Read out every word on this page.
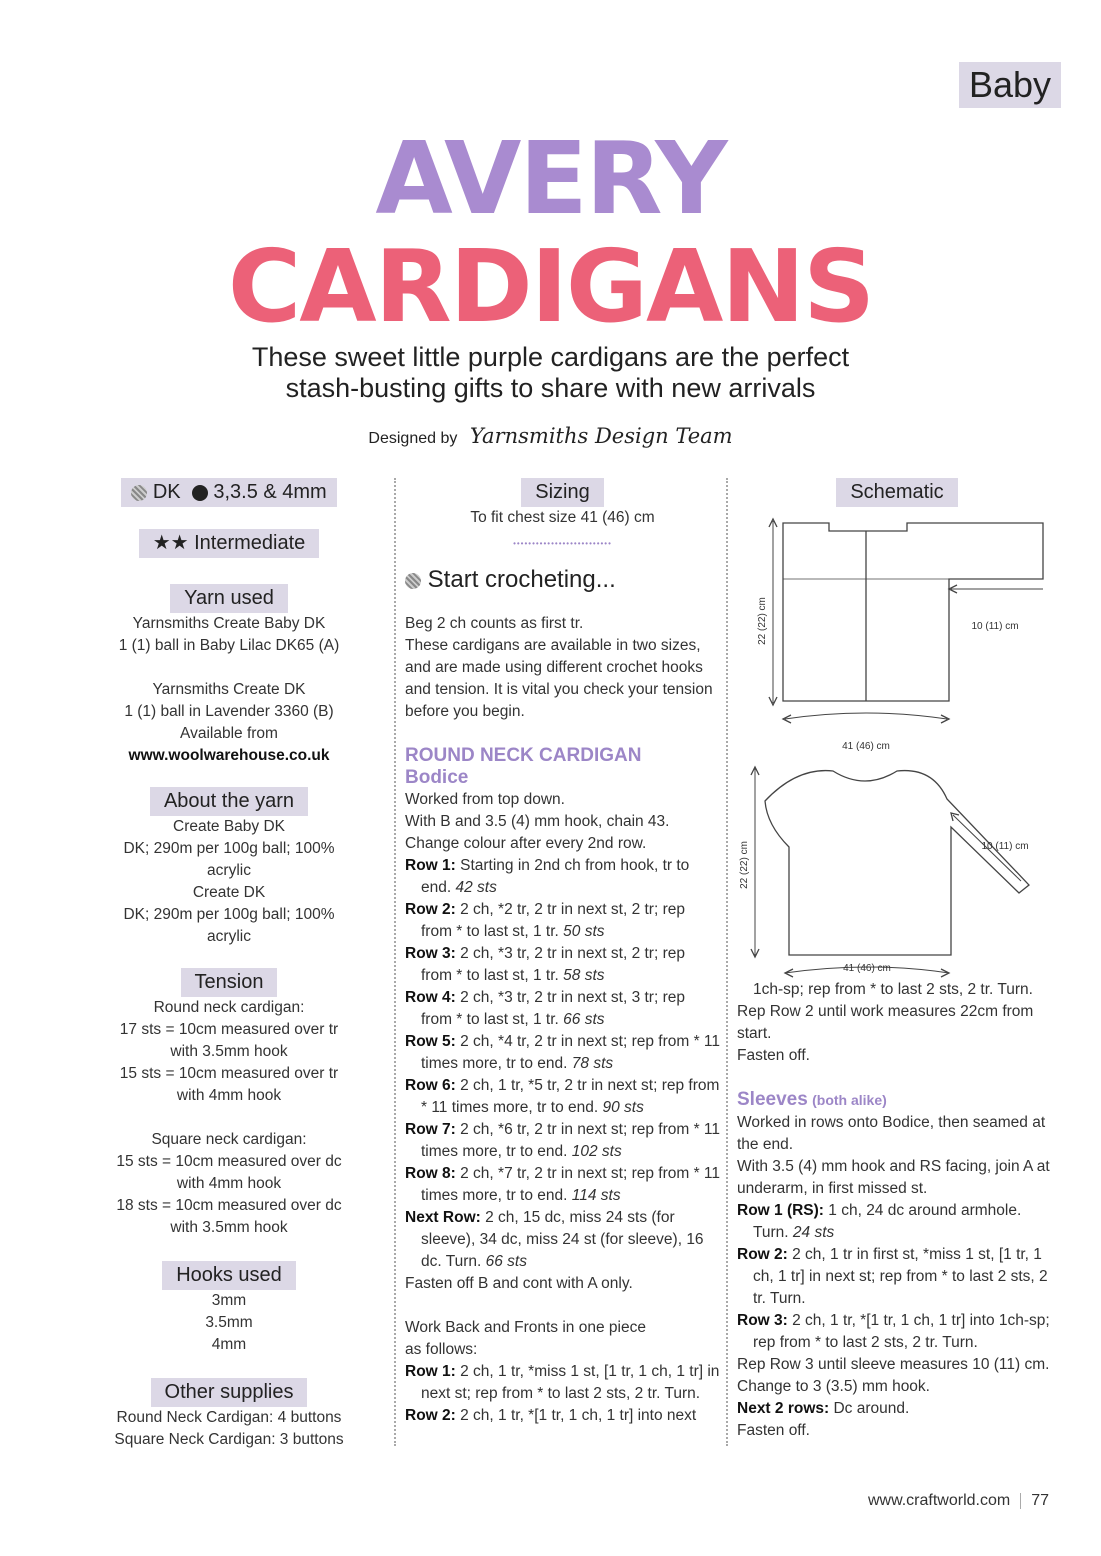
Baby
AVERY
CARDIGANS
These sweet little purple cardigans are the perfect
stash-busting gifts to share with new arrivals
Designed by Yarnsmiths Design Team
DK 3,3.5 & 4mm
★★ Intermediate
Yarn used
Yarnsmiths Create Baby DK
1 (1) ball in Baby Lilac DK65 (A)
Yarnsmiths Create DK
1 (1) ball in Lavender 3360 (B)
Available from
www.woolwarehouse.co.uk
About the yarn
Create Baby DK
DK; 290m per 100g ball; 100% acrylic
Create DK
DK; 290m per 100g ball; 100% acrylic
Tension
Round neck cardigan:
17 sts = 10cm measured over tr
with 3.5mm hook
15 sts = 10cm measured over tr
with 4mm hook
Square neck cardigan:
15 sts = 10cm measured over dc
with 4mm hook
18 sts = 10cm measured over dc
with 3.5mm hook
Hooks used
3mm
3.5mm
4mm
Other supplies
Round Neck Cardigan: 4 buttons
Square Neck Cardigan: 3 buttons
Sizing
To fit chest size 41 (46) cm
••••••••••••••••••••••••••
Start crocheting...
Beg 2 ch counts as first tr.
These cardigans are available in two sizes, and are made using different crochet hooks and tension. It is vital you check your tension before you begin.
ROUND NECK CARDIGAN
Bodice
Worked from top down.
With B and 3.5 (4) mm hook, chain 43.
Change colour after every 2nd row.

Row 1: Starting in 2nd ch from hook, tr to end. 42 sts

Row 2: 2 ch, *2 tr, 2 tr in next st, 2 tr; rep from * to last st, 1 tr. 50 sts

Row 3: 2 ch, *3 tr, 2 tr in next st, 2 tr; rep from * to last st, 1 tr. 58 sts

Row 4: 2 ch, *3 tr, 2 tr in next st, 3 tr; rep from * to last st, 1 tr. 66 sts

Row 5: 2 ch, *4 tr, 2 tr in next st; rep from * 11 times more, tr to end. 78 sts

Row 6: 2 ch, 1 tr, *5 tr, 2 tr in next st; rep from * 11 times more, tr to end. 90 sts

Row 7: 2 ch, *6 tr, 2 tr in next st; rep from * 11 times more, tr to end. 102 sts

Row 8: 2 ch, *7 tr, 2 tr in next st; rep from * 11 times more, tr to end. 114 sts

Next Row: 2 ch, 15 dc, miss 24 sts (for sleeve), 34 dc, miss 24 st (for sleeve), 16 dc. Turn. 66 sts

Fasten off B and cont with A only.
Work Back and Fronts in one piece as follows:

Row 1: 2 ch, 1 tr, *miss 1 st, [1 tr, 1 ch, 1 tr] in next st; rep from * to last 2 sts, 2 tr. Turn.

Row 2: 2 ch, 1 tr, *[1 tr, 1 ch, 1 tr] into next

Schematic
22 (22) cm	10 (11) cm
41 (46) cm
22 (22) cm	10 (11) cm
41 (46) cm
1ch-sp; rep from * to last 2 sts, 2 tr. Turn.
Rep Row 2 until work measures 22cm from start.
Fasten off.
Sleeves (both alike)
Worked in rows onto Bodice, then seamed at the end.
With 3.5 (4) mm hook and RS facing, join A at underarm, in first missed st.

Row 1 (RS): 1 ch, 24 dc around armhole. Turn. 24 sts

Row 2: 2 ch, 1 tr in first st, *miss 1 st, [1 tr, 1 ch, 1 tr] in next st; rep from * to last 2 sts, 2 tr. Turn.

Row 3: 2 ch, 1 tr, *[1 tr, 1 ch, 1 tr] into 1ch-sp; rep from * to last 2 sts, 2 tr. Turn.

Rep Row 3 until sleeve measures 10 (11) cm.
Change to 3 (3.5) mm hook.
Next 2 rows: Dc around.
Fasten off.
www.craftworld.com 77
